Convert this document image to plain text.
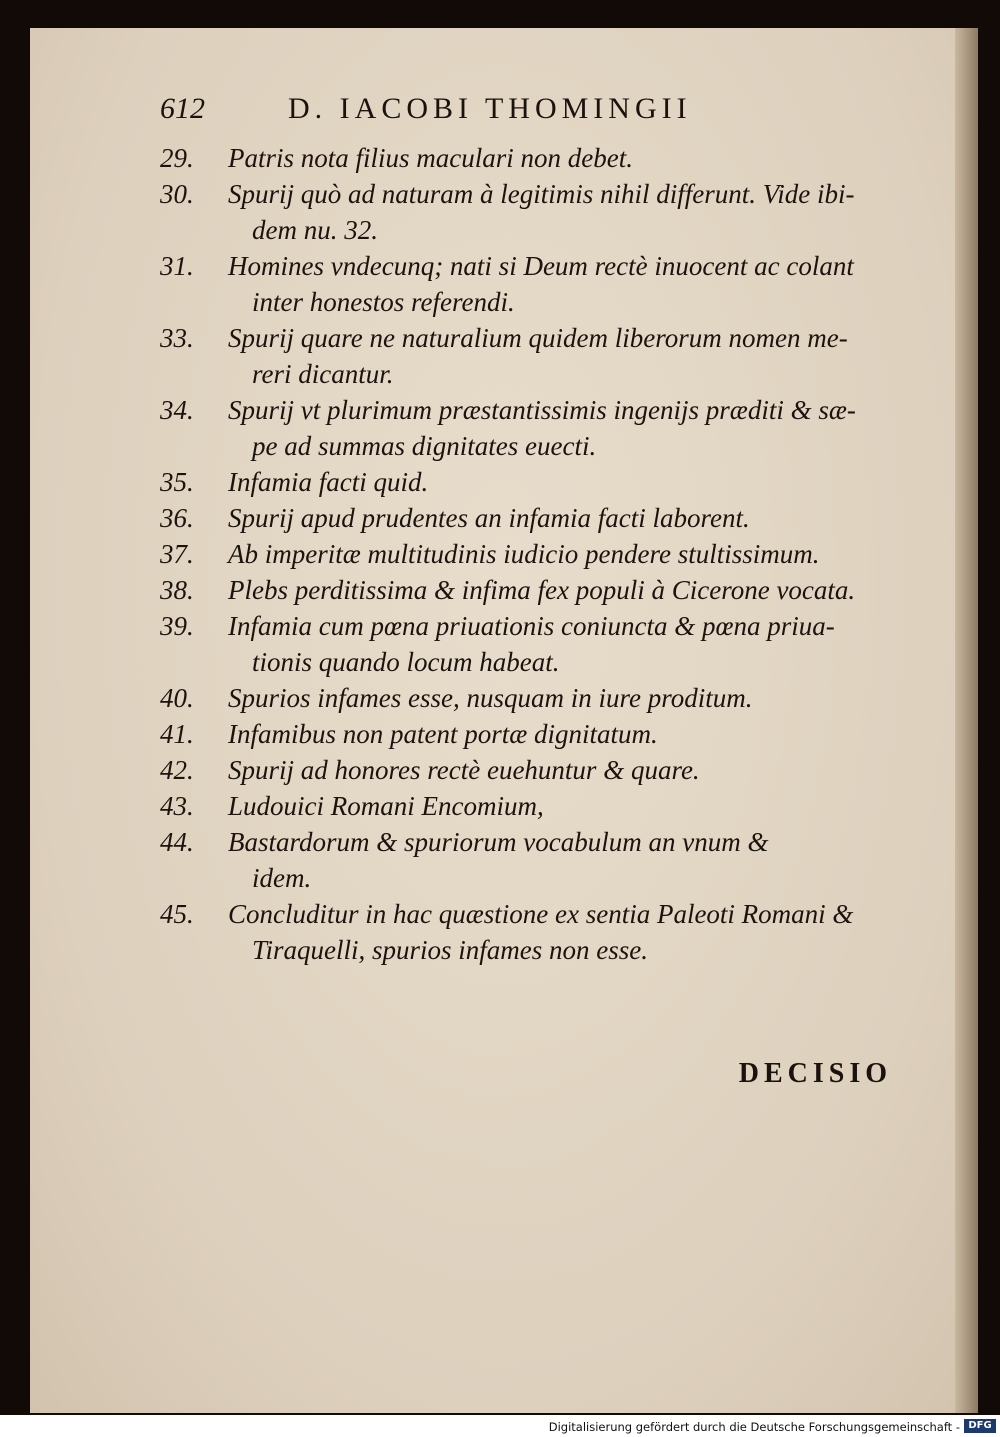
612	D. IACOBI THOMINGII
29.	Patris nota filius maculari non debet.
30.	Spurij quò ad naturam à legitimis nihil differunt. Vide ibi-
dem nu. 32.
31.	Homines vndecunq; nati si Deum rectè inuocent ac colant
inter honestos referendi.
33.	Spurij quare ne naturalium quidem liberorum nomen me-
reri dicantur.
34.	Spurij vt plurimum præstantissimis ingenijs præditi & sæ-
pe ad summas dignitates euecti.
35.	Infamia facti quid.
36.	Spurij apud prudentes an infamia facti laborent.
37.	Ab imperitæ multitudinis iudicio pendere stultissimum.
38.	Plebs perditissima & infima fex populi à Cicerone vocata.
39.	Infamia cum pœna priuationis coniuncta & pœna priua-
tionis quando locum habeat.
40.	Spurios infames esse, nusquam in iure proditum.
41.	Infamibus non patent portæ dignitatum.
42.	Spurij ad honores rectè euehuntur & quare.
43.	Ludouici Romani Encomium,
44.	Bastardorum & spuriorum vocabulum an vnum &
idem.
45.	Concluditur in hac quæstione ex sentia Paleoti Romani &
Tiraquelli, spurios infames non esse.
DECISIO
Digitalisierung gefördert durch die Deutsche Forschungsgemeinschaft - DFG
